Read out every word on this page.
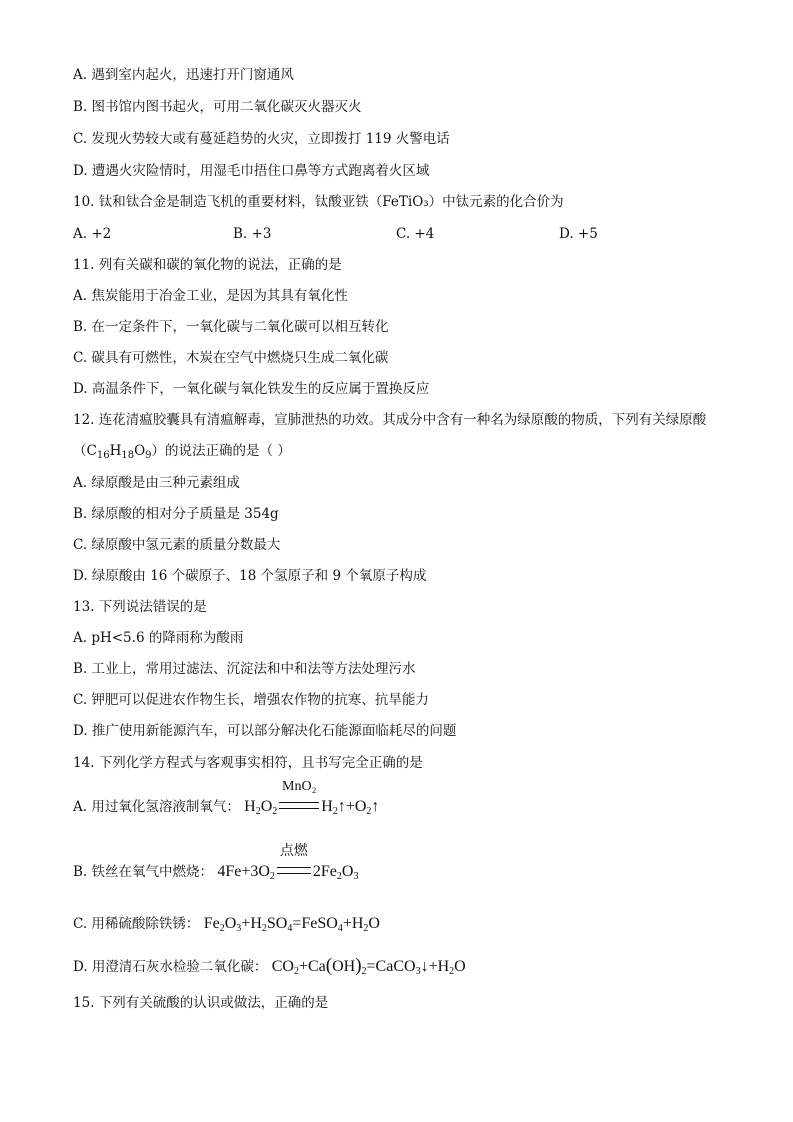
A. 遇到室内起火，迅速打开门窗通风
B. 图书馆内图书起火，可用二氧化碳灭火器灭火
C. 发现火势较大或有蔓延趋势的火灾，立即拨打 119 火警电话
D. 遭遇火灾险情时，用湿毛巾捂住口鼻等方式跑离着火区域
10. 钛和钛合金是制造飞机的重要材料，钛酸亚铁（FeTiO₃）中钛元素的化合价为
A. +2	B. +3	C. +4	D. +5
11. 列有关碳和碳的氧化物的说法，正确的是
A. 焦炭能用于冶金工业，是因为其具有氧化性
B. 在一定条件下，一氧化碳与二氧化碳可以相互转化
C. 碳具有可燃性，木炭在空气中燃烧只生成二氧化碳
D. 高温条件下，一氧化碳与氧化铁发生的反应属于置换反应
12. 连花清瘟胶囊具有清瘟解毒，宣肺泄热的功效。其成分中含有一种名为绿原酸的物质，下列有关绿原酸
$(C_{16}H_{18}O_9)$的说法正确的是（ ）
A. 绿原酸是由三种元素组成
B. 绿原酸的相对分子质量是 354g
C. 绿原酸中氢元素的质量分数最大
D. 绿原酸由 16 个碳原子、18 个氢原子和 9 个氧原子构成
13. 下列说法错误的是
A. pH<5.6 的降雨称为酸雨
B. 工业上，常用过滤法、沉淀法和中和法等方法处理污水
C. 钾肥可以促进农作物生长，增强农作物的抗寒、抗旱能力
D. 推广使用新能源汽车，可以部分解决化石能源面临耗尽的问题
14. 下列化学方程式与客观事实相符，且书写完全正确的是
A. 用过氧化氢溶液制氧气： $H_2O_2$
MnO₂
$H_2↑+O_2↑$
B. 铁丝在氧气中燃烧： $4Fe+3O_2$
点燃
$2Fe_2O_3$
C. 用稀硫酸除铁锈： $Fe_2O_3+H_2SO_4=FeSO_4+H_2O$
D. 用澄清石灰水检验二氧化碳： $CO_2+Ca(OH)_2=CaCO_3↓+H_2O$
15. 下列有关硫酸的认识或做法，正确的是
